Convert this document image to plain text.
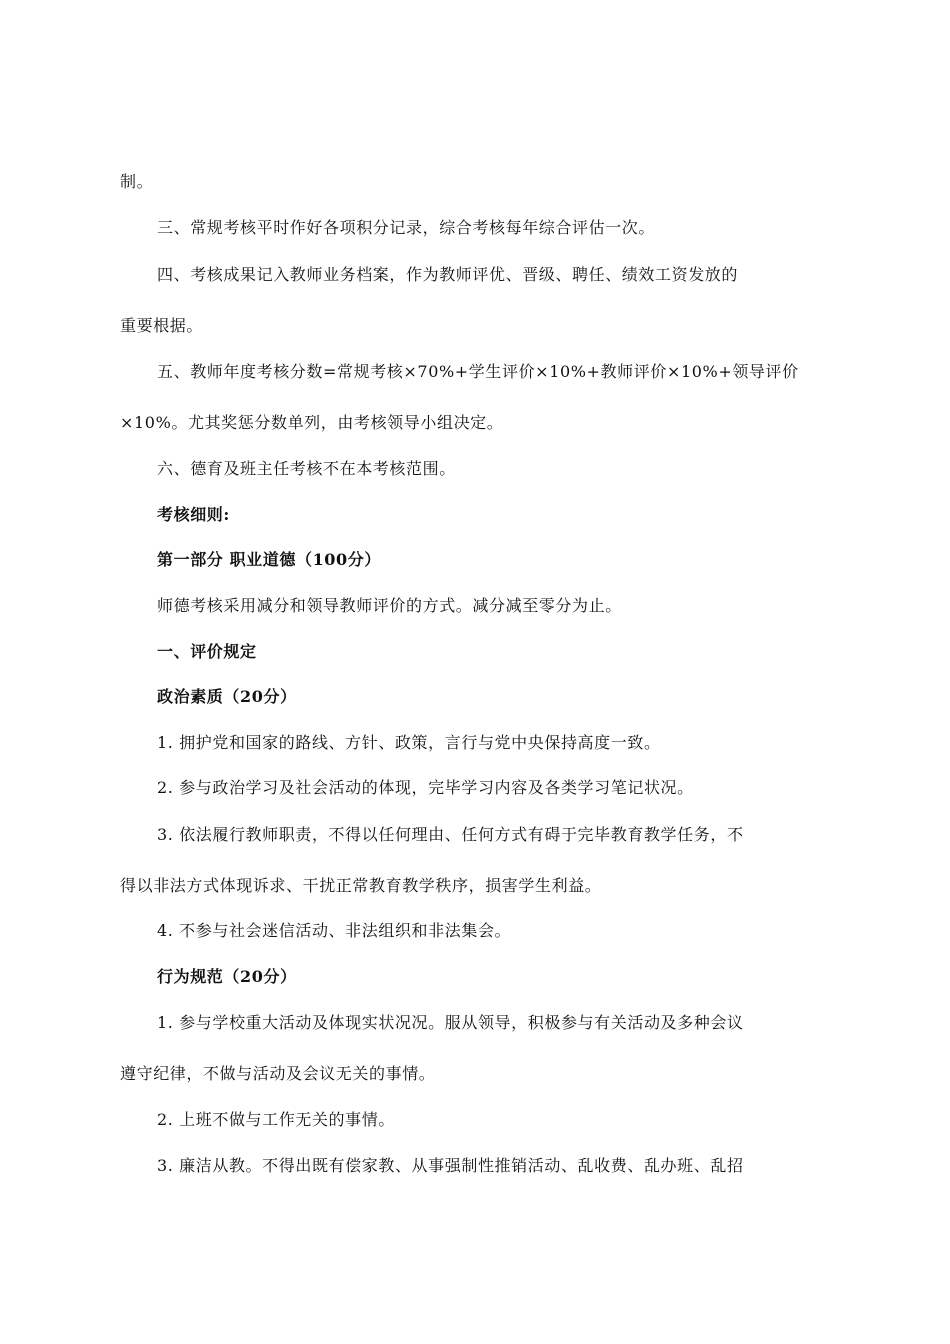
制。
三、常规考核平时作好各项积分记录，综合考核每年综合评估一次。
四、考核成果记入教师业务档案，作为教师评优、晋级、聘任、绩效工资发放的
重要根据。
五、教师年度考核分数=常规考核×70%+学生评价×10%+教师评价×10%+领导评价
×10%。尤其奖惩分数单列，由考核领导小组决定。
六、德育及班主任考核不在本考核范围。
考核细则:
第一部分 职业道德（100分）
师德考核采用减分和领导教师评价的方式。减分减至零分为止。
一、评价规定
政治素质（20分）
1. 拥护党和国家的路线、方针、政策，言行与党中央保持高度一致。
2. 参与政治学习及社会活动的体现，完毕学习内容及各类学习笔记状况。
3. 依法履行教师职责，不得以任何理由、任何方式有碍于完毕教育教学任务，不
得以非法方式体现诉求、干扰正常教育教学秩序，损害学生利益。
4. 不参与社会迷信活动、非法组织和非法集会。
行为规范（20分）
1. 参与学校重大活动及体现实状况况。服从领导，积极参与有关活动及多种会议
遵守纪律，不做与活动及会议无关的事情。
2. 上班不做与工作无关的事情。
3. 廉洁从教。不得出既有偿家教、从事强制性推销活动、乱收费、乱办班、乱招
